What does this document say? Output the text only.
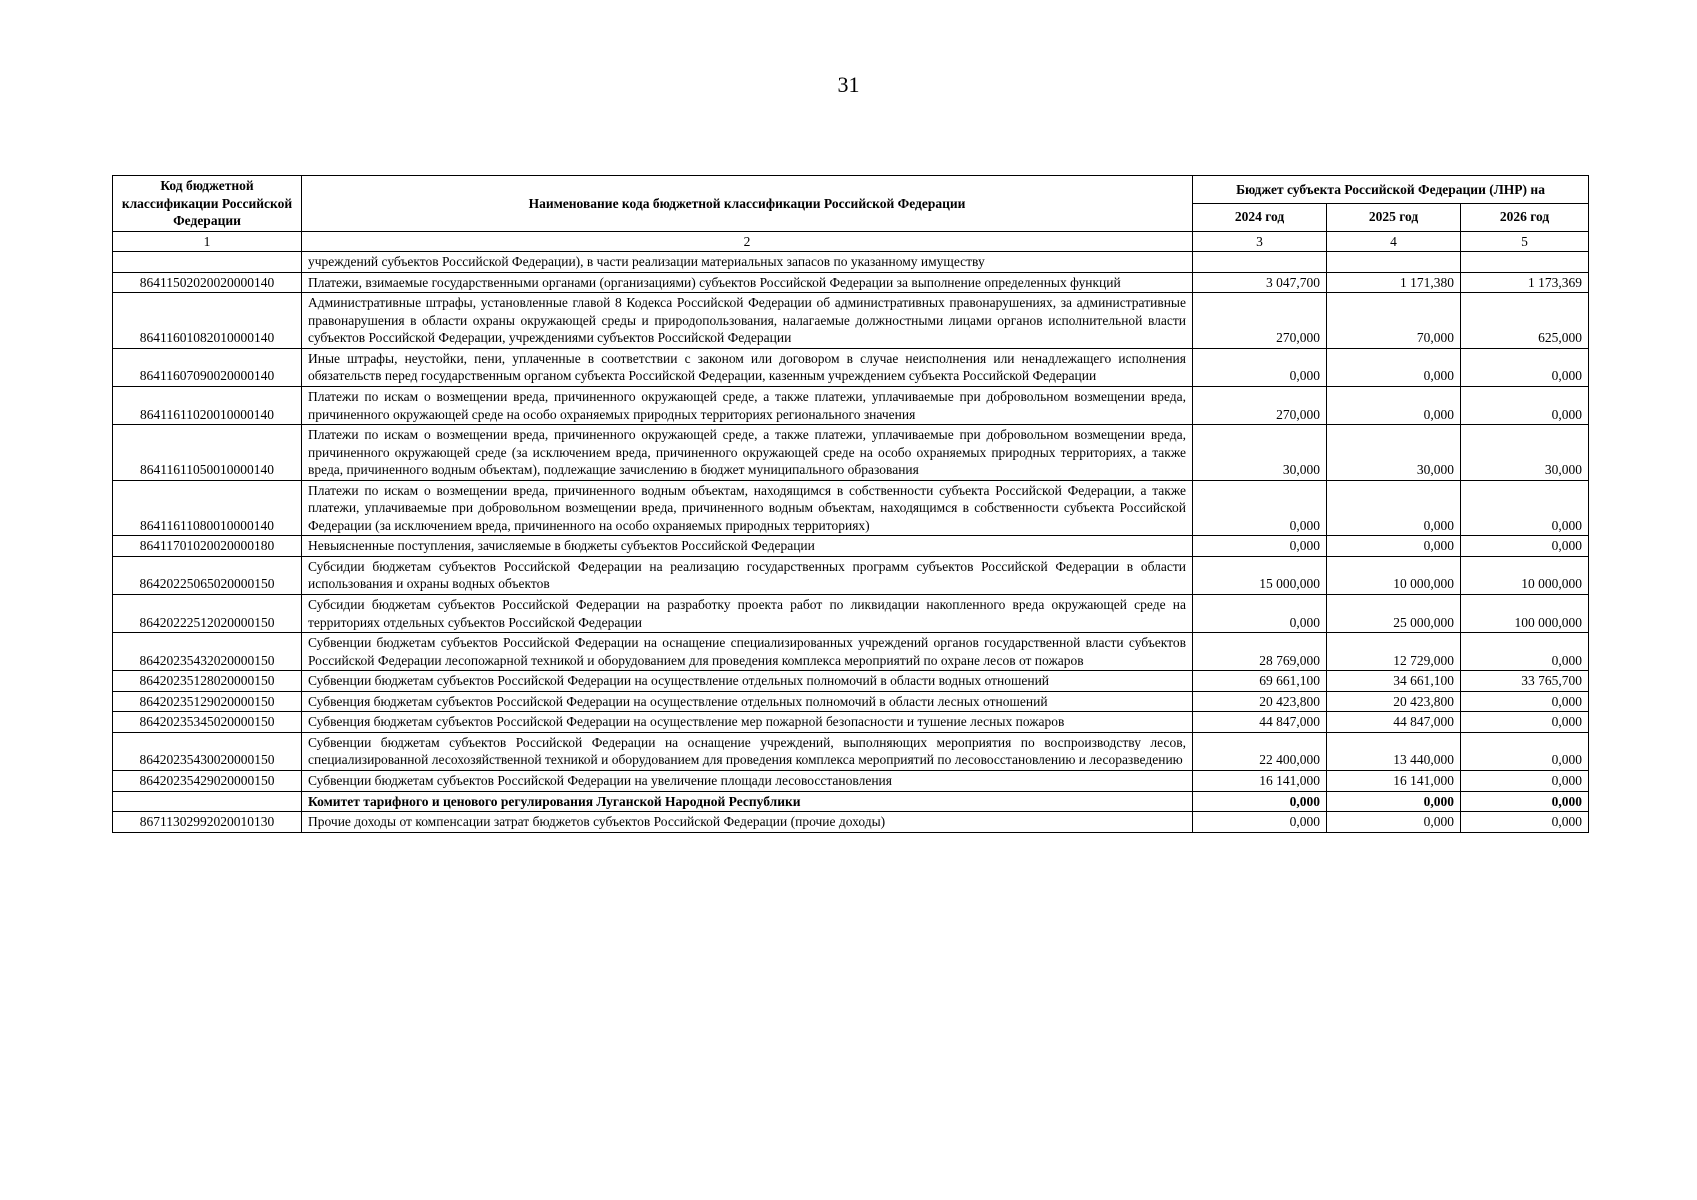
31
Код бюджетной классификации Российской Федерации	Наименование кода бюджетной классификации Российской Федерации	Бюджет субъекта Российской Федерации (ЛНР) на		
		2024 год	2025 год	2026 год
1	2	3	4	5
	учреждений субъектов Российской Федерации), в части реализации материальных запасов по указанному имуществу			
86411502020020000140	Платежи, взимаемые государственными органами (организациями) субъектов Российской Федерации за выполнение определенных функций	3 047,700	1 171,380	1 173,369
86411601082010000140	Административные штрафы, установленные главой 8 Кодекса Российской Федерации об административных правонарушениях, за административные правонарушения в области охраны окружающей среды и природопользования, налагаемые должностными лицами органов исполнительной власти субъектов Российской Федерации, учреждениями субъектов Российской Федерации	270,000	70,000	625,000
86411607090020000140	Иные штрафы, неустойки, пени, уплаченные в соответствии с законом или договором в случае неисполнения или ненадлежащего исполнения обязательств перед государственным органом субъекта Российской Федерации, казенным учреждением субъекта Российской Федерации	0,000	0,000	0,000
86411611020010000140	Платежи по искам о возмещении вреда, причиненного окружающей среде, а также платежи, уплачиваемые при добровольном возмещении вреда, причиненного окружающей среде на особо охраняемых природных территориях регионального значения	270,000	0,000	0,000
86411611050010000140	Платежи по искам о возмещении вреда, причиненного окружающей среде, а также платежи, уплачиваемые при добровольном возмещении вреда, причиненного окружающей среде (за исключением вреда, причиненного окружающей среде на особо охраняемых природных территориях, а также вреда, причиненного водным объектам), подлежащие зачислению в бюджет муниципального образования	30,000	30,000	30,000
86411611080010000140	Платежи по искам о возмещении вреда, причиненного водным объектам, находящимся в собственности субъекта Российской Федерации, а также платежи, уплачиваемые при добровольном возмещении вреда, причиненного водным объектам, находящимся в собственности субъекта Российской Федерации (за исключением вреда, причиненного на особо охраняемых природных территориях)	0,000	0,000	0,000
86411701020020000180	Невыясненные поступления, зачисляемые в бюджеты субъектов Российской Федерации	0,000	0,000	0,000
86420225065020000150	Субсидии бюджетам субъектов Российской Федерации на реализацию государственных программ субъектов Российской Федерации в области использования и охраны водных объектов	15 000,000	10 000,000	10 000,000
86420222512020000150	Субсидии бюджетам субъектов Российской Федерации на разработку проекта работ по ликвидации накопленного вреда окружающей среде на территориях отдельных субъектов Российской Федерации	0,000	25 000,000	100 000,000
86420235432020000150	Субвенции бюджетам субъектов Российской Федерации на оснащение специализированных учреждений органов государственной власти субъектов Российской Федерации лесопожарной техникой и оборудованием для проведения комплекса мероприятий по охране лесов от пожаров	28 769,000	12 729,000	0,000
86420235128020000150	Субвенции бюджетам субъектов Российской Федерации на осуществление отдельных полномочий в области водных отношений	69 661,100	34 661,100	33 765,700
86420235129020000150	Субвенция бюджетам субъектов Российской Федерации на осуществление отдельных полномочий в области лесных отношений	20 423,800	20 423,800	0,000
86420235345020000150	Субвенция бюджетам субъектов Российской Федерации на осуществление мер пожарной безопасности и тушение лесных пожаров	44 847,000	44 847,000	0,000
86420235430020000150	Субвенции бюджетам субъектов Российской Федерации на оснащение учреждений, выполняющих мероприятия по воспроизводству лесов, специализированной лесохозяйственной техникой и оборудованием для проведения комплекса мероприятий по лесовосстановлению и лесоразведению	22 400,000	13 440,000	0,000
86420235429020000150	Субвенции бюджетам субъектов Российской Федерации на увеличение площади лесовосстановления	16 141,000	16 141,000	0,000
	Комитет тарифного и ценового регулирования Луганской Народной Республики	0,000	0,000	0,000
86711302992020010130	Прочие доходы от компенсации затрат бюджетов субъектов Российской Федерации (прочие доходы)	0,000	0,000	0,000
